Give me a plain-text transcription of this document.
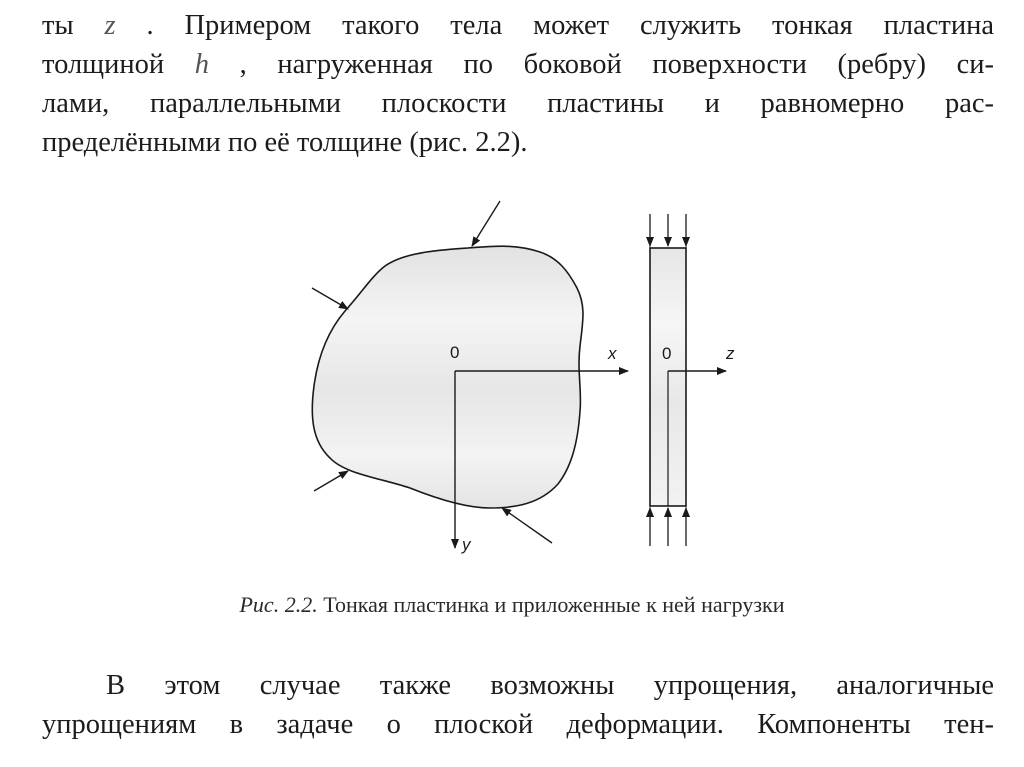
ты z . Примером такого тела может служить тонкая пластина
толщиной h , нагруженная по боковой поверхности (ребру) си-
лами, параллельными плоскости пластины и равномерно рас-
пределёнными по её толщине (рис. 2.2).
0	x
y
0	z
Рис. 2.2. Тонкая пластинка и приложенные к ней нагрузки
В этом случае также возможны упрощения, аналогичные
упрощениям в задаче о плоской деформации. Компоненты тен-
